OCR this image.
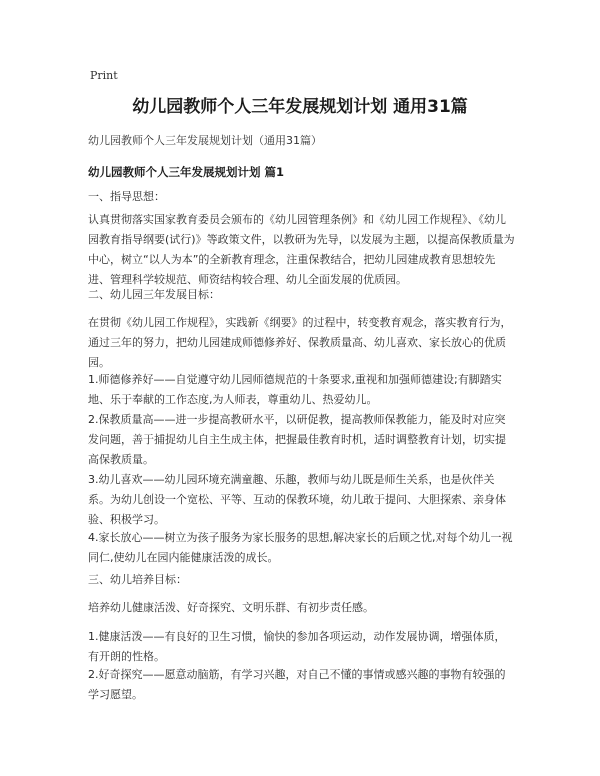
Print
幼儿园教师个人三年发展规划计划 通用31篇

幼儿园教师个人三年发展规划计划（通用31篇）

幼儿园教师个人三年发展规划计划 篇1

一、指导思想：

认真贯彻落实国家教育委员会颁布的《幼儿园管理条例》和《幼儿园工作规程》、《幼儿园教育指导纲要(试行)》等政策文件，以教研为先导，以发展为主题，以提高保教质量为中心，树立“以人为本”的全新教育理念，注重保教结合，把幼儿园建成教育思想较先进、管理科学较规范、师资结构较合理、幼儿全面发展的优质园。

二、幼儿园三年发展目标：

在贯彻《幼儿园工作规程》，实践新《纲要》的过程中，转变教育观念，落实教育行为，通过三年的努力，把幼儿园建成师德修养好、保教质量高、幼儿喜欢、家长放心的优质园。

1.师德修养好——自觉遵守幼儿园师德规范的十条要求,重视和加强师德建设;有脚踏实地、乐于奉献的工作态度,为人师表，尊重幼儿、热爱幼儿。

2.保教质量高——进一步提高教研水平，以研促教，提高教师保教能力，能及时对应突发问题，善于捕捉幼儿自主生成主体，把握最佳教育时机，适时调整教育计划，切实提高保教质量。

3.幼儿喜欢——幼儿园环境充满童趣、乐趣，教师与幼儿既是师生关系，也是伙伴关系。为幼儿创设一个宽松、平等、互动的保教环境，幼儿敢于提问、大胆探索、亲身体验、积极学习。

4.家长放心——树立为孩子服务为家长服务的思想,解决家长的后顾之忧,对每个幼儿一视同仁,使幼儿在园内能健康活泼的成长。

三、幼儿培养目标：

培养幼儿健康活泼、好奇探究、文明乐群、有初步责任感。

1.健康活泼——有良好的卫生习惯，愉快的参加各项运动，动作发展协调，增强体质，有开朗的性格。

2.好奇探究——愿意动脑筋，有学习兴趣，对自己不懂的事情或感兴趣的事物有较强的学习愿望。
